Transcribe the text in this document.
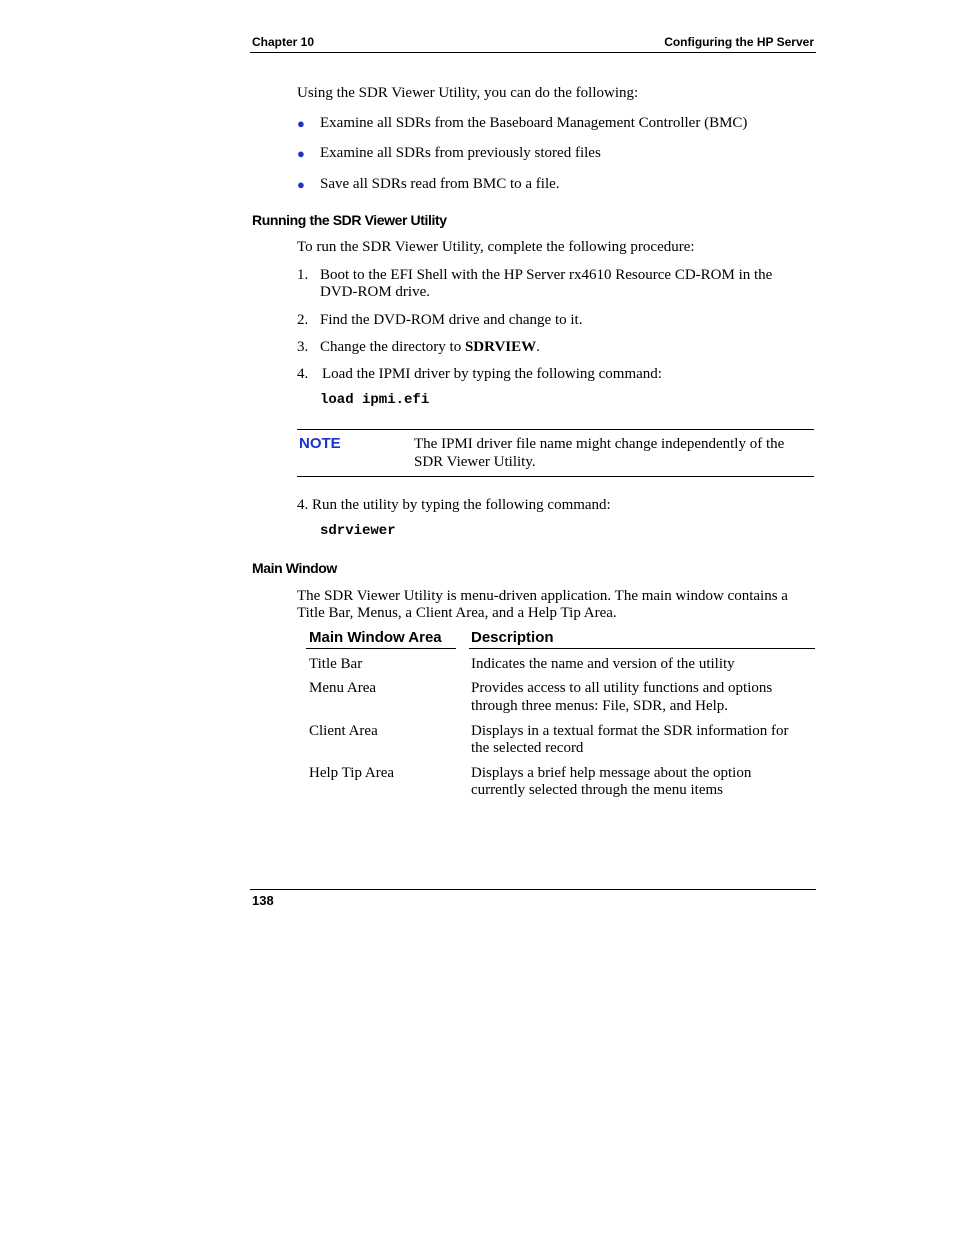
Chapter 10	Configuring the HP Server
Using the SDR Viewer Utility, you can do the following:
● Examine all SDRs from the Baseboard Management Controller (BMC)
● Examine all SDRs from previously stored files
● Save all SDRs read from BMC to a file.
Running the SDR Viewer Utility
To run the SDR Viewer Utility, complete the following procedure:
1. Boot to the EFI Shell with the HP Server rx4610 Resource CD-ROM in the
DVD-ROM drive.
2. Find the DVD-ROM drive and change to it.
3. Change the directory to SDRVIEW.
4. Load the IPMI driver by typing the following command:
load ipmi.efi
NOTE	The IPMI driver file name might change independently of the
SDR Viewer Utility.
4. Run the utility by typing the following command:
sdrviewer
Main Window
The SDR Viewer Utility is menu-driven application. The main window contains a
Title Bar, Menus, a Client Area, and a Help Tip Area.
Main Window Area Description
Title Bar	Indicates the name and version of the utility
Menu Area	Provides access to all utility functions and options
through three menus: File, SDR, and Help.
Client Area	Displays in a textual format the SDR information for
the selected record
Help Tip Area	Displays a brief help message about the option
currently selected through the menu items
138
